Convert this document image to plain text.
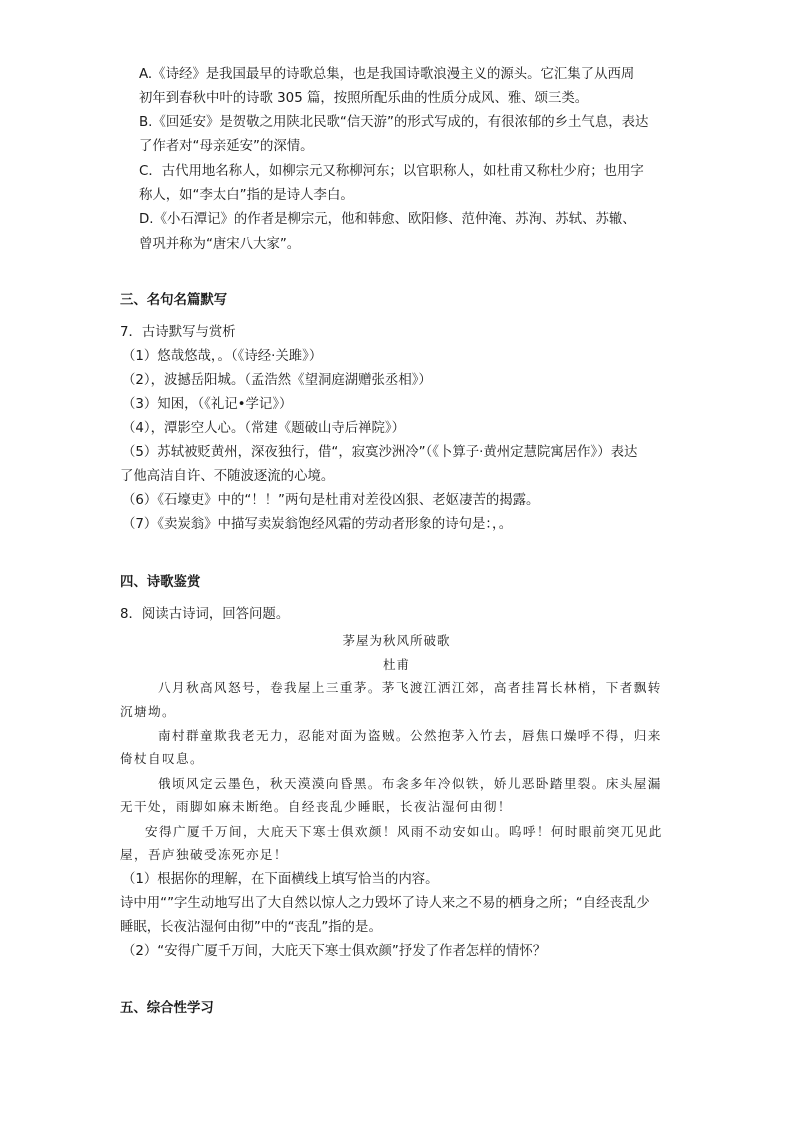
A.《诗经》是我国最早的诗歌总集，也是我国诗歌浪漫主义的源头。它汇集了从西周
初年到春秋中叶的诗歌 305 篇，按照所配乐曲的性质分成风、雅、颂三类。
B.《回延安》是贺敬之用陕北民歌“信天游”的形式写成的，有很浓郁的乡土气息，表达
了作者对“母亲延安”的深情。
C．古代用地名称人，如柳宗元又称柳河东；以官职称人，如杜甫又称杜少府；也用字
称人，如“李太白”指的是诗人李白。
D.《小石潭记》的作者是柳宗元，他和韩愈、欧阳修、范仲淹、苏洵、苏轼、苏辙、
曾巩并称为“唐宋八大家”。
三、名句名篇默写
7．古诗默写与赏析
（1）悠哉悠哉，。（《诗经·关雎》）
（2），波撼岳阳城。（孟浩然《望洞庭湖赠张丞相》）
（3）知困，（《礼记•学记》）
（4），潭影空人心。（常建《题破山寺后禅院》）
（5）苏轼被贬黄州，深夜独行，借“，寂寞沙洲冷”（《卜算子·黄州定慧院寓居作》）表达
了他高洁自许、不随波逐流的心境。
（6）《石壕吏》中的“！！”两句是杜甫对差役凶狠、老妪凄苦的揭露。
（7）《卖炭翁》中描写卖炭翁饱经风霜的劳动者形象的诗句是：，。
四、诗歌鉴赏
8．阅读古诗词，回答问题。
茅屋为秋风所破歌
杜甫
八月秋高风怒号，卷我屋上三重茅。茅飞渡江洒江郊，高者挂罥长林梢，下者飘转
沉塘坳。
南村群童欺我老无力，忍能对面为盗贼。公然抱茅入竹去，唇焦口燥呼不得，归来
倚杖自叹息。
俄顷风定云墨色，秋天漠漠向昏黑。布衾多年冷似铁，娇儿恶卧踏里裂。床头屋漏
无干处，雨脚如麻未断绝。自经丧乱少睡眠，长夜沾湿何由彻！
安得广厦千万间，大庇天下寒士俱欢颜！风雨不动安如山。呜呼！何时眼前突兀见此
屋，吾庐独破受冻死亦足！
（1）根据你的理解，在下面横线上填写恰当的内容。
诗中用“”字生动地写出了大自然以惊人之力毁坏了诗人来之不易的栖身之所；“自经丧乱少
睡眠，长夜沾湿何由彻”中的“丧乱”指的是。
（2）“安得广厦千万间，大庇天下寒士俱欢颜”抒发了作者怎样的情怀？
五、综合性学习
